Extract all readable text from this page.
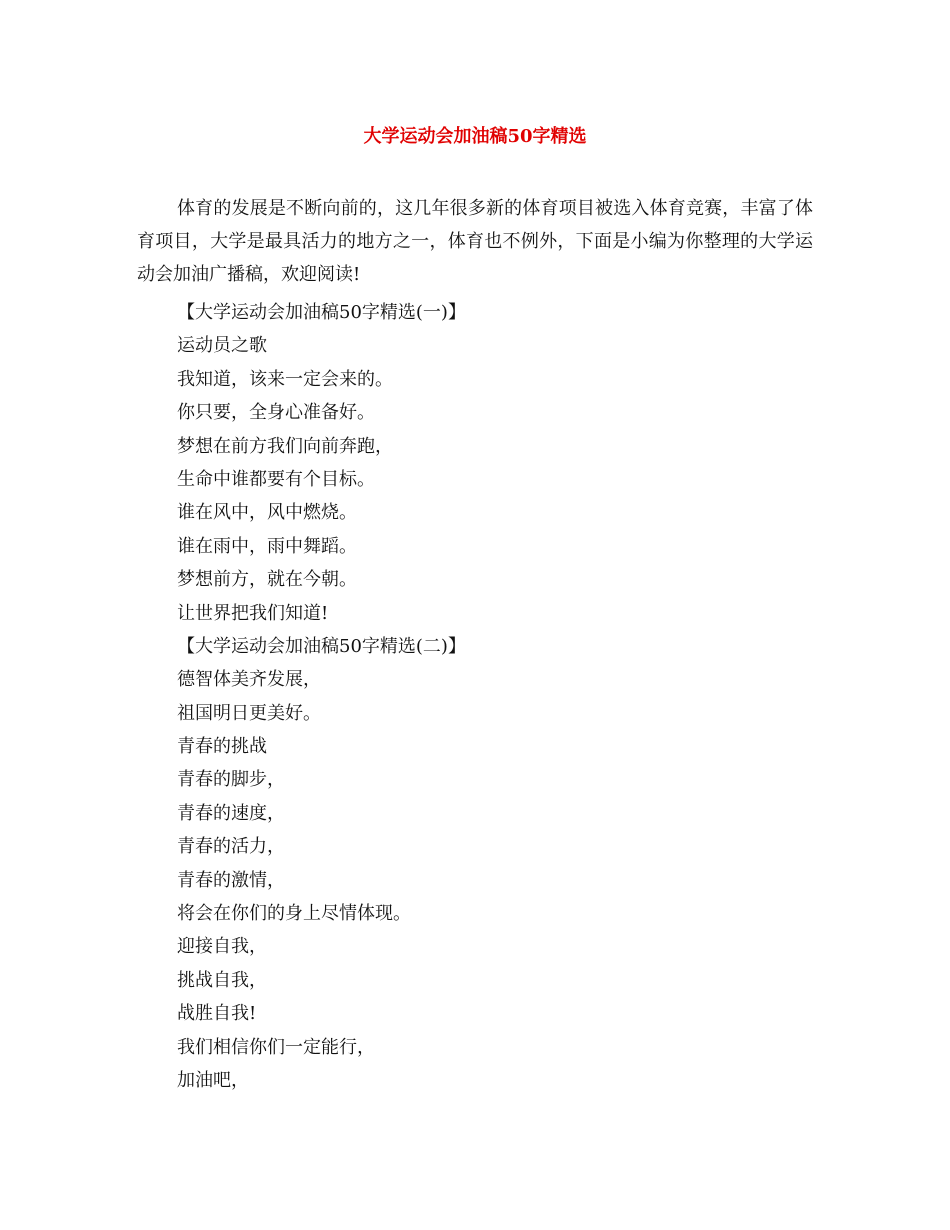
大学运动会加油稿50字精选

体育的发展是不断向前的，这几年很多新的体育项目被选入体育竞赛，丰富了体育项目，大学是最具活力的地方之一，体育也不例外，下面是小编为你整理的大学运动会加油广播稿，欢迎阅读!

【大学运动会加油稿50字精选(一)】
运动员之歌
我知道，该来一定会来的。
你只要，全身心准备好。
梦想在前方我们向前奔跑，
生命中谁都要有个目标。
谁在风中，风中燃烧。
谁在雨中，雨中舞蹈。
梦想前方，就在今朝。
让世界把我们知道!
【大学运动会加油稿50字精选(二)】
德智体美齐发展，
祖国明日更美好。
青春的挑战
青春的脚步，
青春的速度，
青春的活力，
青春的激情，
将会在你们的身上尽情体现。
迎接自我，
挑战自我，
战胜自我!
我们相信你们一定能行，
加油吧，
